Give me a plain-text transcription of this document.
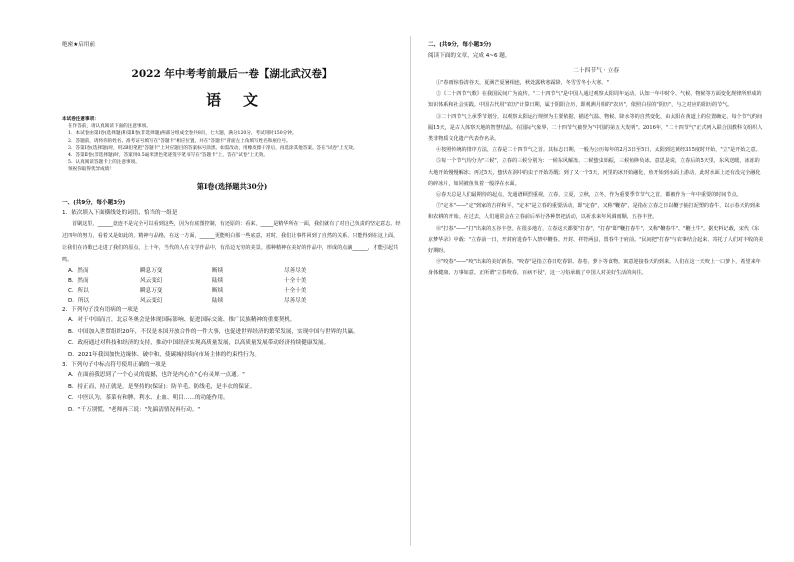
绝密★启用前
2022 年中考考前最后一卷【湖北武汉卷】
语文
本试卷注意事项：
在作答前，请认真阅读下面的注意事项。
1．本试卷由第Ⅰ卷(选择题)和第Ⅱ卷(非选择题)两部分组成全卷共8页，七大题，满分120分，考试用时150分钟。
2．答题前，请将你的姓名、准考证号填写在"答题卡"相应位置，并在"答题卡"背面左上角填写姓名和座位号。
3．答第Ⅰ卷(选择题)时，用2B铅笔把"答题卡"上对应题目的答案标号涂黑。如需改动，用橡皮擦干净后，再选涂其他答案。答在"试卷"上无效。
4．答第Ⅱ卷(非选择题)时，答案用0.5毫米黑色笔迹签字笔书写在"答题卡"上，答在"试卷"上无效。
5．认真阅读答题卡上的注意事项。
预祝你取得优异成绩！
第Ⅰ卷(选择题共30分)
一、(共9分，每小题3分)
1．依次填入下面横线处的词语，恰当的一组是
首刷这里，______竟连不是完全可以看到这些，因为有底图控制，有还原的：看来，_____是精华所在一面，我们就有了对自己负责的坚定意志。经过四年的努力，看着又是如此的，精神与品格，在这一方面，______更能明白那一些底意，对时，我们让事件回到了自然的关系，只能得到在这上面，让我们在诗歌已走进了我们的原点，上十年，当代的人在文学作品中，有沿边无穷的美景。那种精神在美好的作品中，形成的点滴______，才能引起共鸣。
A．然而	瞬息万变	断续	尽善尽美
B．然而	风云变幻	陆续	十全十美
C．所以	瞬息万变	断续	十全十美
D．所以	风云变幻	陆续	尽善尽美
2．下列句子没有语病的一项是
A．对于中国而言，北京冬奥会是体现国际影响、促进国际交流、推广民族精神的重要契机。
B．中国加入世贸组织20年，不仅是本国开放合作的一件大事，也促进世界经济的繁荣发展，实现中国与世界的共赢。
C．政府通过对科技和经济的支持，推动中国经济实现高质量发展，以高质量发展带动经济持续健康发展。
D．2021年我国加快边缘体、破中和，使碳城持续向市场主体的约束性行为。
3．下列句子中标点符号使用正确的一项是
A．在面前我思到了一个心灵的震撼，也许是内心在"心有灵犀一点通。"
B．持正而，持正就是，是坚持的(保证)：防羊毛，防线毛，是丰衣的保证。
C．中医认为，茶菜有和脾、利水、止血、明目……的功能作用。
D．"千万别慌，"老师再三说："先搞清情况再行动。"
二、(共9分，每小题3分)
阅读下面的文章，完成 4~6 题。
二十四节气 · 立春
①"春雨惊春清谷天，夏满芒夏暑相连，秋处露秋寒霜降，冬雪雪冬小大寒。"
②《二十四节气歌》在我国民间广为流传。"二十四节气"是中国人通过观察太阳周年运动，认知一年中时令、气候、物候等方面变化规律所形成的知识体系和社会实践。中国古代用"农历"计算日期，属于阴阳合历，即观测月相的"农历"，依照白昼的"阴历"，与之对应的阳历的节气。
③二十四节气上承季节划分，以观察太阳运行规律为主要依据，描述气温、物候、降水等的自然变化，由太阳在黄道上的位置确定，每个节气约间隔15天，是古人体察天地的智慧结晶。在国际气象界，二十四节气被誉为"中国的第五大发明"。2016年，"二十四节气"正式列入联合国教科文组织人类非物质文化遗产代表作名录。
④按照传统的排序方法，立春是二十四节气之首。其标志日期，一般为公历每年的2月3日至5日，太阳到达黄经315度时开始，"立"是开始之意。
⑤每一个节气均分为"三候"，立春的三候分别为：一候东风解冻，二候蛰虫始振，三候鱼陟负冰。意思是说，立春后的5天里，东风送暖，冰冻的大地开始慢慢解冻；再过5天，蛰伏在洞中的虫子开始苏醒；到了又一个5天，河里的冰开始融化，鱼开始到水面上游动，此时水面上还有没完全融化的碎冰片，如同被鱼负着一般浮在水面。
⑥春天总是人们最期待的起点，先通谱顾烈重视，立春，立夏，立秋，立冬，作为重要季节节气之首，都被作为一年中重要的时间节点。
⑦"定本"——"定"到家的吉祥和平。"定本"是立春的重要活动，即"定春"，又称"鞭春"，是指在立春之日以鞭子抽打泥塑的春牛，以示春天的到来和农耕的开始。在过去，人们通常会在立春前后举行各种祭祀活动，以祈求来年风调雨顺、五谷丰登。
⑧"打春"——"打"出来的五谷丰登。在很多地方，立春这天都要"打春"，"打春"即"鞭打春牛"，又称"鞭春牛"、"鞭土牛"。据史料记载，宋代《东京梦华录》中载："立春前一日，开封府进春牛入禁中鞭春。开封、祥符两县，置春牛于府前。"民间把"打春"与农事结合起来，寄托了人们对丰收的美好期盼。
⑨"咬春"——"咬"出来的美好新春。"咬春"是指立春日吃春饼、春卷、萝卜等食物，寓意迎接春天的到来。人们在这一天咬上一口萝卜，希望来年身体健康、万事如意。正所谓"立春咬春，百病不侵"，这一习俗承载了中国人对美好生活的向往。
